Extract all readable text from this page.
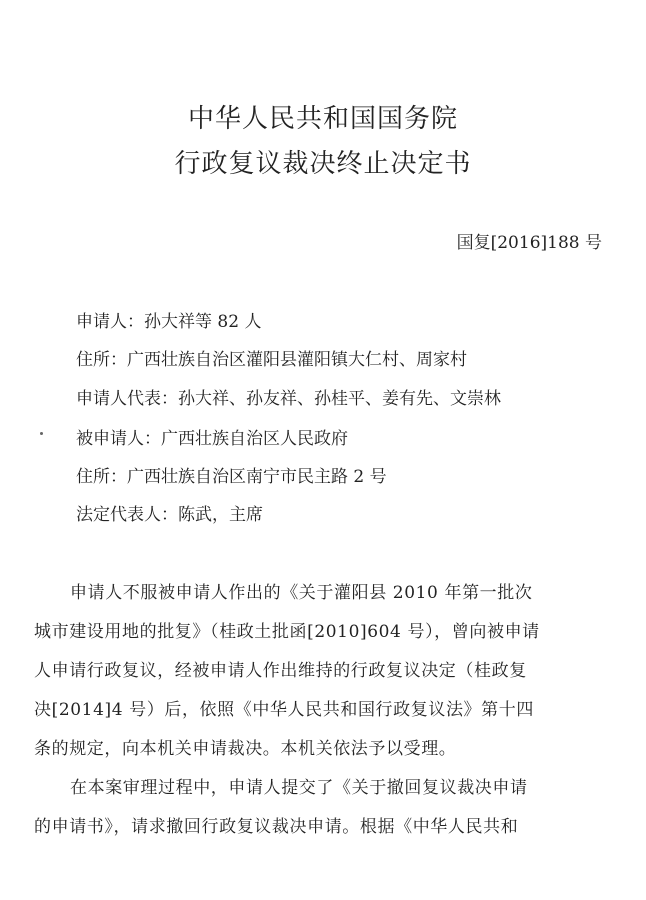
中华人民共和国国务院
行政复议裁决终止决定书
国复[2016]188 号
申请人：孙大祥等 82 人
住所：广西壮族自治区灌阳县灌阳镇大仁村、周家村
申请人代表：孙大祥、孙友祥、孙桂平、姜有先、文崇林
被申请人：广西壮族自治区人民政府
住所：广西壮族自治区南宁市民主路 2 号
法定代表人：陈武，主席
申请人不服被申请人作出的《关于灌阳县 2010 年第一批次
城市建设用地的批复》（桂政土批函[2010]604 号），曾向被申请
人申请行政复议，经被申请人作出维持的行政复议决定（桂政复
决[2014]4 号）后，依照《中华人民共和国行政复议法》第十四
条的规定，向本机关申请裁决。本机关依法予以受理。
在本案审理过程中，申请人提交了《关于撤回复议裁决申请
的申请书》，请求撤回行政复议裁决申请。根据《中华人民共和
